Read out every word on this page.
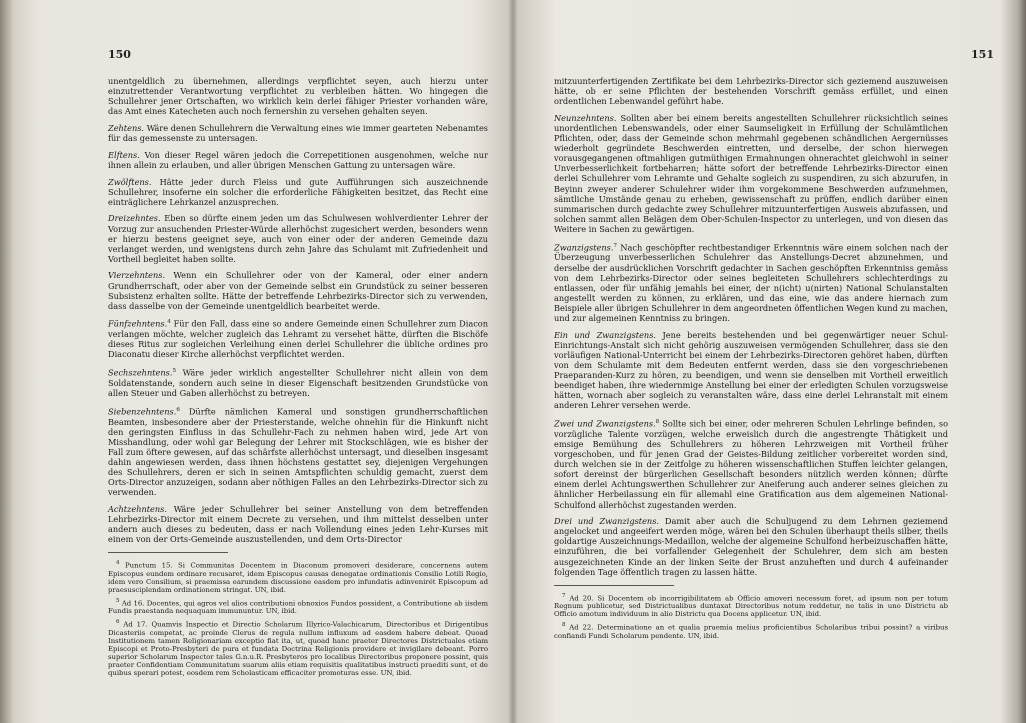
150

unentgeldlich zu übernehmen, allerdings verpflichtet seyen, auch hierzu unter einzutrettender Verantwortung verpflichtet zu verbleiben hätten. Wo hingegen die Schullehrer jener Ortschaften, wo wirklich kein derlei fähiger Priester vorhanden wäre, das Amt eines Katecheten auch noch fernershin zu versehen gehalten seyen.

Zehtens. Wäre denen Schullehrern die Verwaltung eines wie immer gearteten Nebenamtes für das gemessenste zu untersagen.

Elftens. Von dieser Regel wären jedoch die Correpetitionen ausgenohmen, welche nur ihnen allein zu erlauben, und aller übrigen Menschen Gattung zu untersagen wäre.

Zwölftens. Hätte jeder durch Fleiss und gute Aufführungen sich auszeichnende Schullehrer, insoferne ein solcher die erforderliche Fähigkeiten besitzet, das Recht eine einträglichere Lehrkanzel anzusprechen.

Dreizehntes. Eben so dürfte einem jeden um das Schulwesen wohlverdienter Lehrer der Vorzug zur ansuchenden Priester-Würde allerhöchst zugesichert werden, besonders wenn er hierzu bestens geeignet seye, auch von einer oder der anderen Gemeinde dazu verlanget werden, und wenigstens durch zehn Jahre das Schulamt mit Zufriedenheit und Vortheil begleitet haben sollte.

Vierzehntens. Wenn ein Schullehrer oder von der Kameral, oder einer andern Grundherrschaft, oder aber von der Gemeinde selbst ein Grundstück zu seiner besseren Subsistenz erhalten sollte. Hätte der betreffende Lehrbezirks-Director sich zu verwenden, dass dasselbe von der Gemeinde unentgeldlich bearbeitet werde.

Fünfzehntens.$^4$ Für den Fall, dass eine so andere Gemeinde einen Schullehrer zum Diacon verlangen möchte, welcher zugleich das Lehramt zu versehet hätte, dürften die Bischöfe dieses Ritus zur sogleichen Verleihung einen derlei Schullehrer die übliche ordines pro Diaconatu dieser Kirche allerhöchst verpflichtet werden.

Sechszehntens.$^5$ Wäre jeder wirklich angestellter Schullehrer nicht allein von dem Soldatenstande, sondern auch seine in dieser Eigenschaft besitzenden Grundstücke von allen Steuer und Gaben allerhöchst zu betreyen.

Siebenzehntens.$^6$ Dürfte nämlichen Kameral und sonstigen grundherrschaftlichen Beamten, insbesondere aber der Priesterstande, welche ohnehin für die Hinkunft nicht den geringsten Einfluss in das Schullehr-Fach zu nehmen haben wird, jede Art von Misshandlung, oder wohl gar Belegung der Lehrer mit Stockschlägen, wie es bisher der Fall zum öftere gewesen, auf das schärfste allerhöchst untersagt, und dieselben insgesamt dahin angewiesen werden, dass ihnen höchstens gestattet sey, diejenigen Vergehungen des Schullehrers, deren er sich in seinen Amtspflichten schuldig gemacht, zuerst dem Orts-Director anzuzeigen, sodann aber nöthigen Falles an den Lehrbezirks-Director sich zu verwenden.

Achtzehntens. Wäre jeder Schullehrer bei seiner Anstellung von dem betreffenden Lehrbezirks-Director mit einem Decrete zu versehen, und ihm mittelst desselben unter andern auch dieses zu bedeuten, dass er nach Vollendung eines jeden Lehr-Kurses mit einem von der Orts-Gemeinde auszustellenden, und dem Orts-Director

$^4$ Punctum 15. Si Communitas Docentem in Diaconum promoveri desiderare, concernens autem Episcopus eundem ordinare recusaret, idem Episcopus causas denegatae ordinationis Consilio Lotili Regio, idem vero Consilium, si praemissa earundem discussione easdem pro infundatis adinvenirét Episcopum ad praesusciplendam ordinationem stringat. UN, ibid.
$^5$ Ad 16. Docentes, qui agros vel alios contributioni obnoxios Fundos possident, a Contributione ab iisdem Fundis praestanda nequaquam immununtur. UN, ibid.
$^6$ Ad 17. Quamvis Inspectio et Directio Scholarum Illyrico-Valachicarum, Directoribus et Dirigentibus Dicasteriis competat, ac proinde Clerus de regula nullum influxum ad easdem habere debeat. Quoad Institutionem tamen Religionariam exceptio fiat ita, ut, quoad hanc praeter Directores Districtuales etiam Episcopi et Proto-Presbyteri de pura et fundata Doctrina Religionis providere et invigilare debeant. Porro superior Scholarum Inspector tales G.n.u.R. Presbyteros pro localibus Directoribus proponere possint, quis praeter Confidentiam Communitatum suarum aliis etiam requisitis qualitatibus instructi praediti sunt, et de quibus sperari potest, eosdem rem Scholasticam efficaciter promoturas esse. UN, ibid.
151

mitzuunterfertigenden Zertifikate bei dem Lehrbezirks-Director sich geziemend auszuweisen hätte, ob er seine Pflichten der bestehenden Vorschrift gemäss erfüllet, und einen ordentlichen Lebenwandel geführt habe.

Neunzehntens. Sollten aber bei einem bereits angestellten Schullehrer rücksichtlich seines unordentlichen Lebenswandels, oder einer Saumseligkeit in Erfüllung der Schulämtlichen Pflichten, oder, dass der Gemeinde schon mehrmahl gegebenen schändlichen Aergernüsses wiederholt gegründete Beschwerden eintretten, und derselbe, der schon hierwegen vorausgegangenen oftmahligen gutmüthigen Ermahnungen ohnerachtet gleichwohl in seiner Unverbesserlichkeit fortbeharren; hätte sofort der betreffende Lehrbezirks-Director einen derlei Schullehrer vom Lehramte und Gehalte sogleich zu suspendiren, zu sich abzurufen, in Beyinn zweyer anderer Schulehrer wider ihm vorgekommene Beschwerden aufzunehmen, sämtliche Umstände genau zu erheben, gewissenschaft zu prüffen, endlich darüber einen summarischen durch gedachte zwey Schullehrer mitzuunterfertigen Ausweis abzufassen, und solchen sammt allen Belägen dem Ober-Schulen-Inspector zu unterlegen, und von diesen das Weitere in Sachen zu gewärtigen.

Zwanzigstens.$^7$ Nach geschöpfter rechtbestandiger Erkenntnis wäre einem solchen nach der Überzeugung unverbesserlichen Schulehrer das Anstellungs-Decret abzunehmen, und derselbe der ausdrücklichen Vorschrift gedachter in Sachen geschöpften Erkenntniss gemäss von dem Lehrbezirks-Director oder seines begleiteten Schullehrers schlechterdings zu entlassen, oder für unfähig jemahls bei einer, der n(icht) u(nirten) National Schulanstalten angestellt werden zu können, zu erklären, und das eine, wie das andere hiernach zum Beispiele aller übrigen Schullehrer in dem angeordneten öffentlichen Wegen kund zu machen, und zur algemeinen Kenntniss zu bringen.

Ein und Zwanzigstens. Jene bereits bestehenden und bei gegenwärtiger neuer Schul-Einrichtungs-Anstalt sich nicht gehörig auszuweisen vermögenden Schullehrer, dass sie den vorläufigen National-Unterricht bei einem der Lehrbezirks-Directoren gehöret haben, dürften von dem Schulamte mit dem Bedeuten entfernt werden, dass sie den vorgeschriebenen Praeparanden-Kurz zu hören, zu beendigen, und wenn sie denselben mit Vortheil erweitlich beendiget haben, ihre wiedernmige Anstellung bei einer der erledigten Schulen vorzugsweise hätten, wornach aber sogleich zu veranstalten wäre, dass eine derlei Lehranstalt mit einem anderen Lehrer versehen werde.

Zwei und Zwanzigstens.$^8$ Sollte sich bei einer, oder mehreren Schulen Lehrlinge befinden, so vorzügliche Talente vorzügen, welche erweislich durch die angestrengte Thätigkeit und emsige Bemühung des Schullehrers zu höheren Lehrzweigen mit Vortheil früher vorgeschoben, und für jenen Grad der Geistes-Bildung zeitlicher vorbereitet worden sind, durch welchen sie in der Zeitfolge zu höheren wissenschaftlichen Stuffen leichter gelangen, sofort dereinst der bürgerlichen Gesellschaft besonders nützlich werden können; dürfte einem derlei Achtungswerthen Schullehrer zur Aneiferung auch anderer seines gleichen zu ähnlicher Herbeilassung ein für allemahl eine Gratification aus dem algemeinen National-Schulfond allerhöchst zugestanden werden.

Drei und Zwanzigstens. Damit aber auch die Schuljugend zu dem Lehrnen geziemend angelocket und angeeifert werden möge, wären bei den Schulen überhaupt theils silber, theils goldartige Auszeichnungs-Medaillon, welche der algemeine Schulfond herbeizuschaffen hätte, einzuführen, die bei vorfallender Gelegenheit der Schulehrer, dem sich am besten ausgezeichneten Kinde an der linken Seite der Brust anzuheften und durch 4 aufeinander folgenden Tage öffentlich tragen zu lassen hätte.

$^7$ Ad 20. Si Docentem ob incorrigibilitatem ab Officio amoveri necessum foret, ad ipsum non per totum Regnum publicetur, sed Districtualibus duntaxat Directoribus notum reddetur, ne talis in uno Districtu ab Officio amotum individuum in alio Districtu qua Docens applicetur. UN, ibid.
$^8$ Ad 22. Determinatione an et qualia praemia melius proficientibus Scholaribus tribui possint? a viribus confiandi Fundi Scholarum pendente. UN, ibid.
